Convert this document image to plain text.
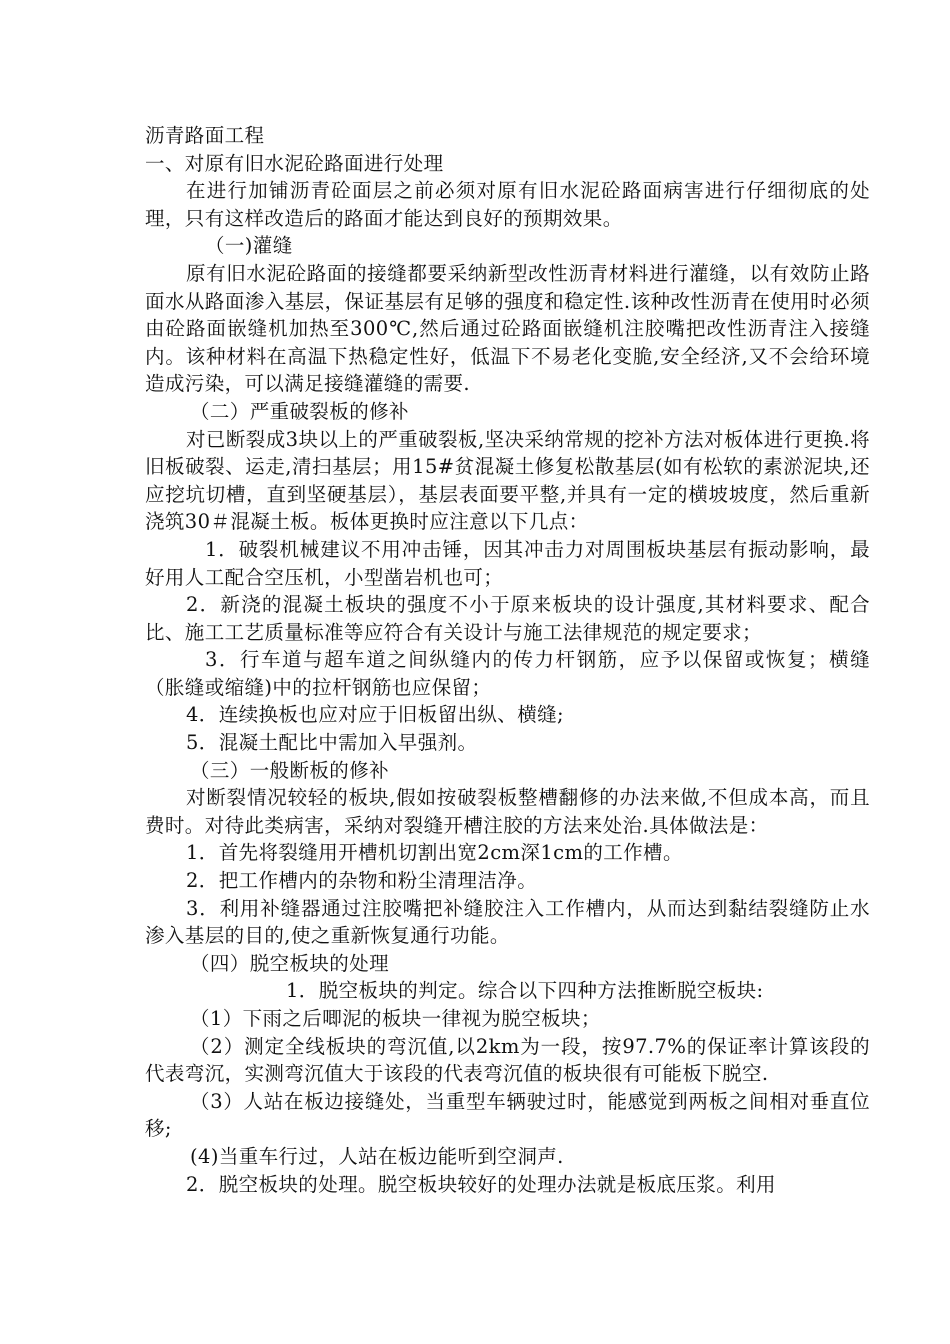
沥青路面工程

一、对原有旧水泥砼路面进行处理

在进行加铺沥青砼面层之前必须对原有旧水泥砼路面病害进行仔细彻底的处理，只有这样改造后的路面才能达到良好的预期效果。

（一)灌缝

原有旧水泥砼路面的接缝都要采纳新型改性沥青材料进行灌缝，以有效防止路面水从路面渗入基层，保证基层有足够的强度和稳定性.该种改性沥青在使用时必须由砼路面嵌缝机加热至300℃,然后通过砼路面嵌缝机注胶嘴把改性沥青注入接缝内。该种材料在高温下热稳定性好，低温下不易老化变脆,安全经济,又不会给环境造成污染，可以满足接缝灌缝的需要.

（二）严重破裂板的修补

对已断裂成3块以上的严重破裂板,坚决采纳常规的挖补方法对板体进行更换.将旧板破裂、运走,清扫基层；用15#贫混凝土修复松散基层(如有松软的素淤泥块,还应挖坑切槽，直到坚硬基层），基层表面要平整,并具有一定的横坡坡度，然后重新浇筑30＃混凝土板。板体更换时应注意以下几点：

1．破裂机械建议不用冲击锤，因其冲击力对周围板块基层有振动影响，最好用人工配合空压机，小型凿岩机也可；

2．新浇的混凝土板块的强度不小于原来板块的设计强度,其材料要求、配合比、施工工艺质量标准等应符合有关设计与施工法律规范的规定要求；

3．行车道与超车道之间纵缝内的传力杆钢筋，应予以保留或恢复；横缝（胀缝或缩缝)中的拉杆钢筋也应保留；

4．连续换板也应对应于旧板留出纵、横缝;

5．混凝土配比中需加入早强剂。

（三）一般断板的修补

对断裂情况较轻的板块,假如按破裂板整槽翻修的办法来做,不但成本高，而且费时。对待此类病害，采纳对裂缝开槽注胶的方法来处治.具体做法是：

1．首先将裂缝用开槽机切割出宽2cm深1cm的工作槽。

2．把工作槽内的杂物和粉尘清理洁净。

3．利用补缝器通过注胶嘴把补缝胶注入工作槽内，从而达到黏结裂缝防止水渗入基层的目的,使之重新恢复通行功能。

（四）脱空板块的处理

1．脱空板块的判定。综合以下四种方法推断脱空板块:

（1）下雨之后唧泥的板块一律视为脱空板块；

（2）测定全线板块的弯沉值,以2km为一段，按97.7%的保证率计算该段的代表弯沉，实测弯沉值大于该段的代表弯沉值的板块很有可能板下脱空.

（3）人站在板边接缝处，当重型车辆驶过时，能感觉到两板之间相对垂直位移;

(4)当重车行过，人站在板边能听到空洞声.

2．脱空板块的处理。脱空板块较好的处理办法就是板底压浆。利用
